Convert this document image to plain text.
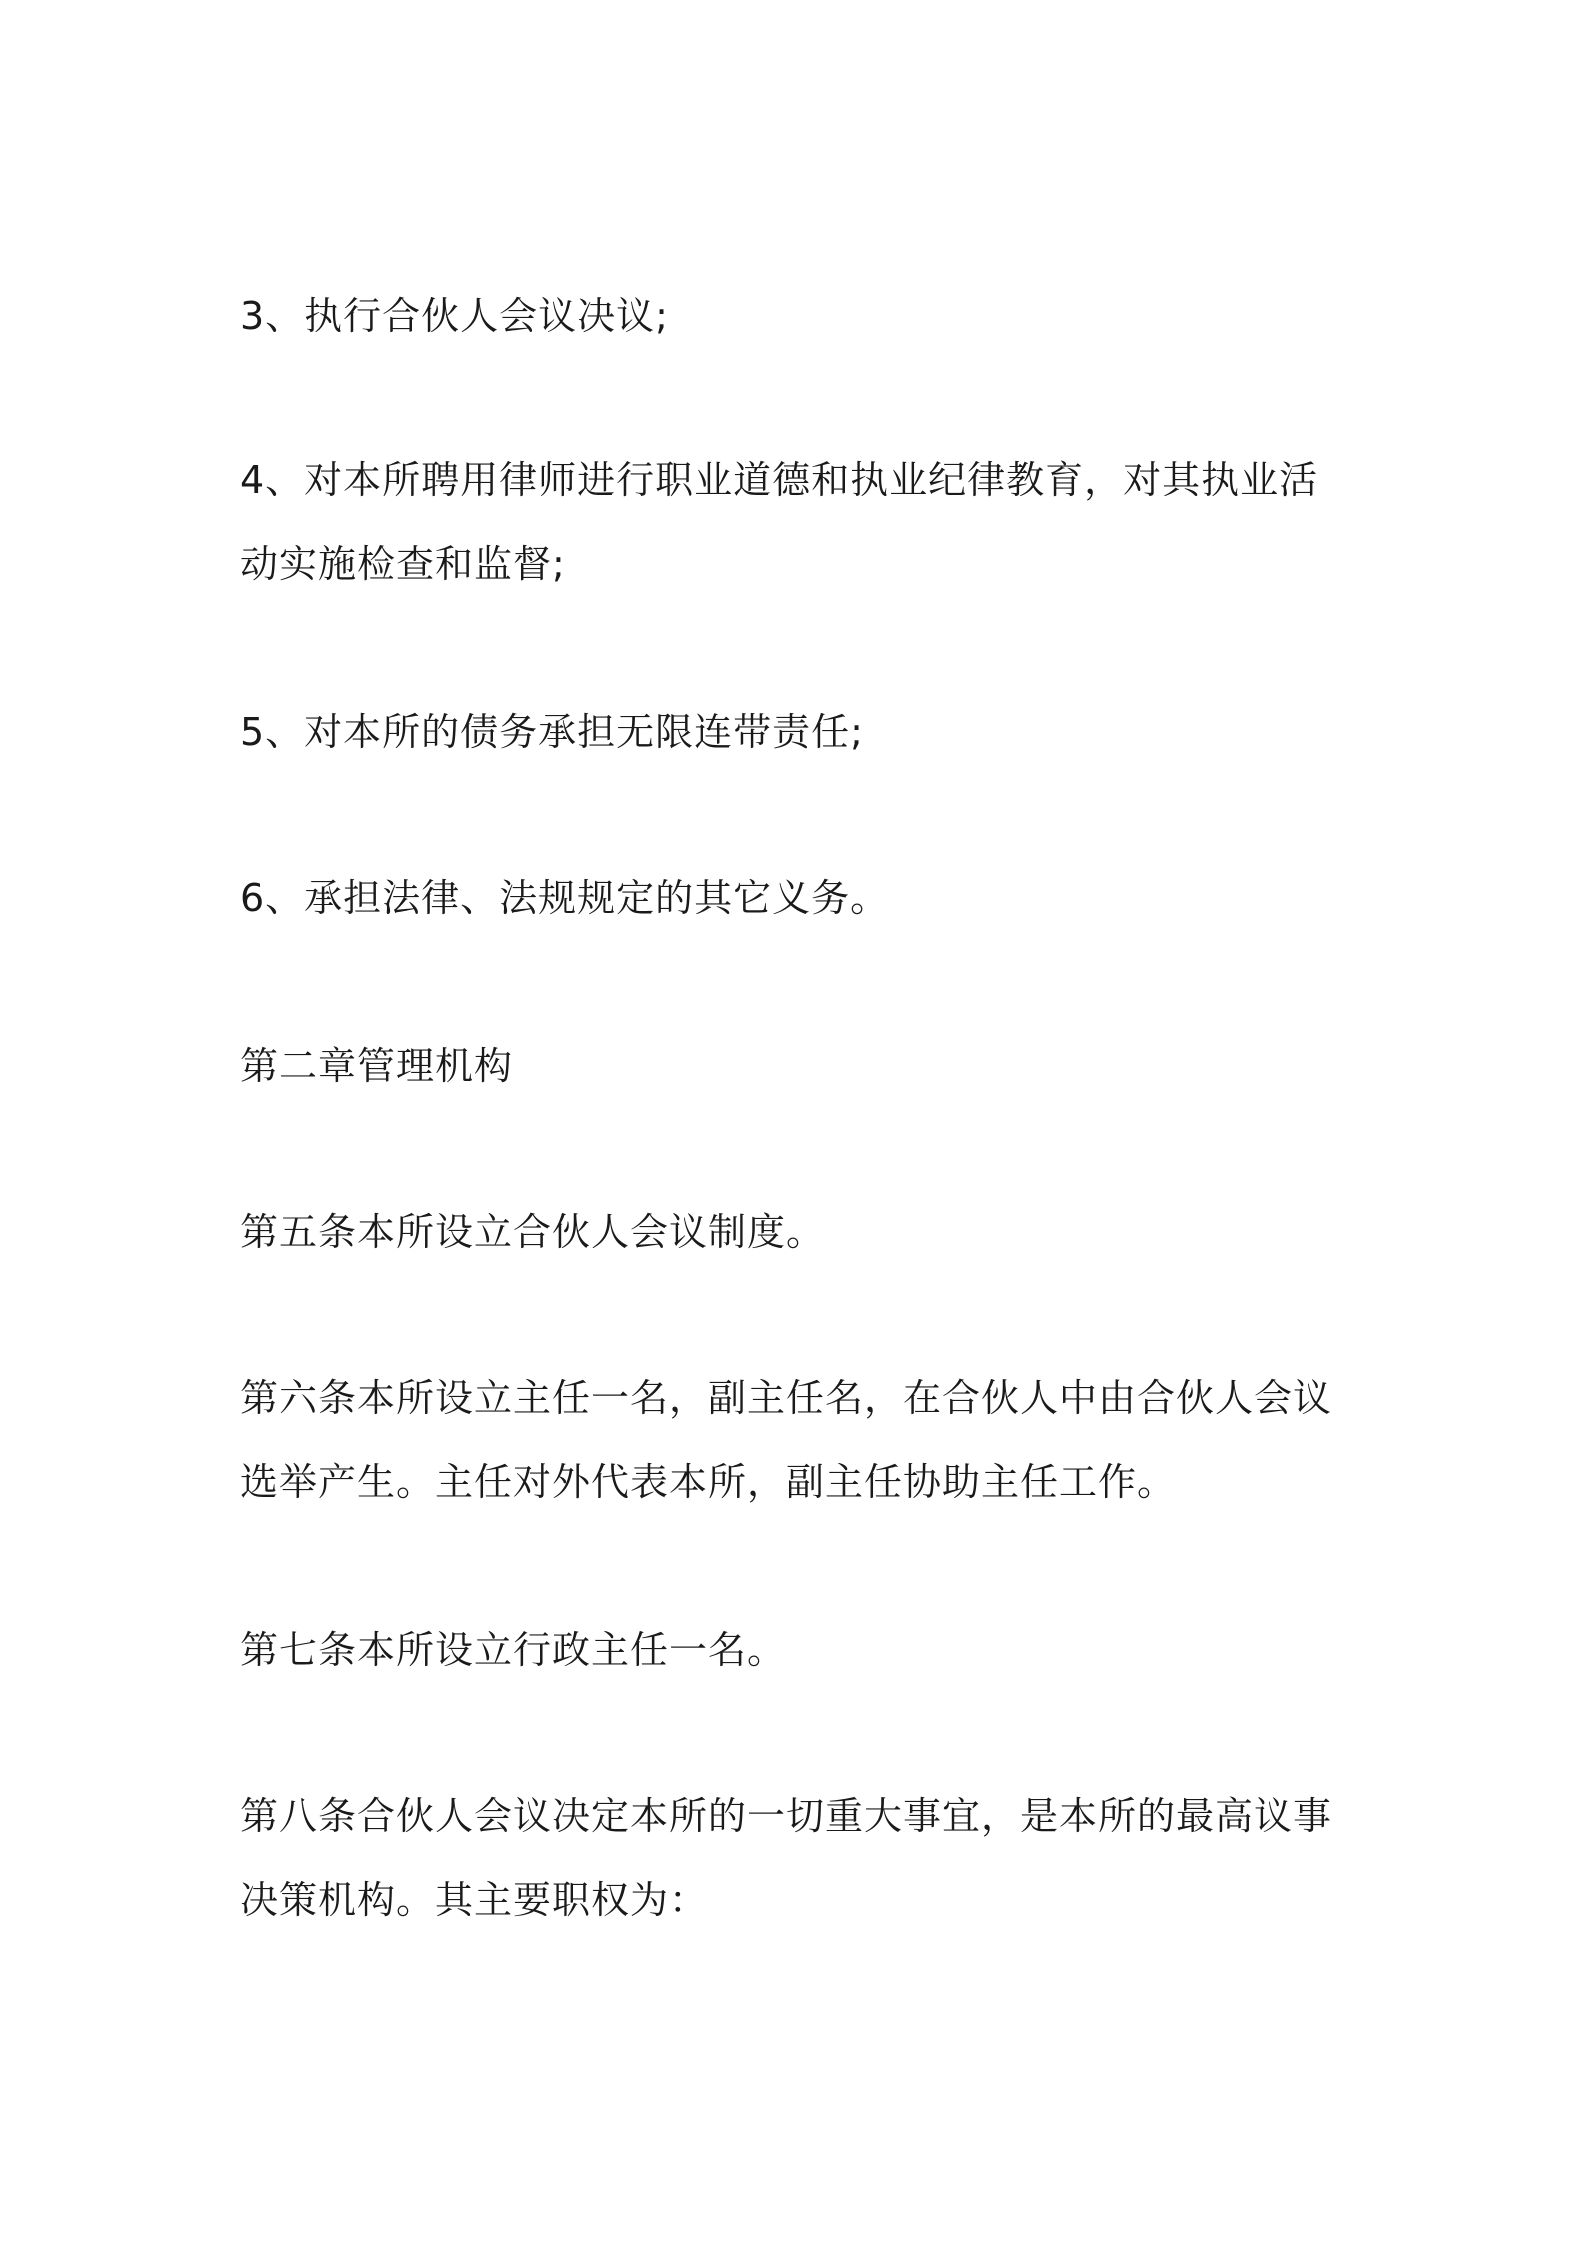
3、执行合伙人会议决议;

4、对本所聘用律师进行职业道德和执业纪律教育，对其执业活
动实施检查和监督;

5、对本所的债务承担无限连带责任;

6、承担法律、法规规定的其它义务。

第二章管理机构

第五条本所设立合伙人会议制度。

第六条本所设立主任一名，副主任名，在合伙人中由合伙人会议
选举产生。主任对外代表本所，副主任协助主任工作。

第七条本所设立行政主任一名。

第八条合伙人会议决定本所的一切重大事宜，是本所的最高议事
决策机构。其主要职权为：
